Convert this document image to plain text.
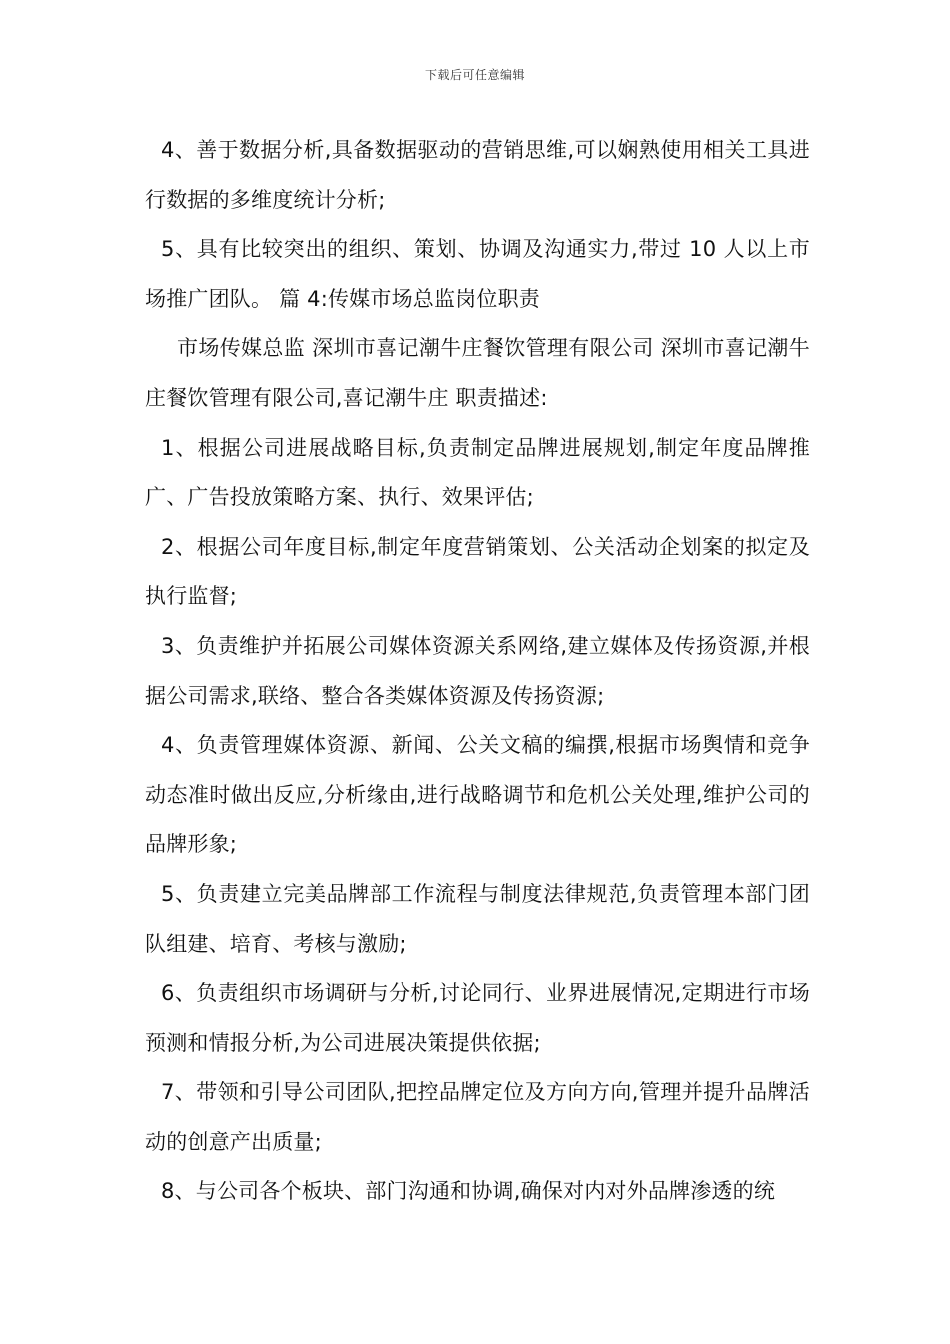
下载后可任意编辑

4、善于数据分析,具备数据驱动的营销思维,可以娴熟使用相关工具进行数据的多维度统计分析;

5、具有比较突出的组织、策划、协调及沟通实力,带过 10 人以上市场推广团队。 篇 4:传媒市场总监岗位职责

市场传媒总监 深圳市喜记潮牛庄餐饮管理有限公司 深圳市喜记潮牛庄餐饮管理有限公司,喜记潮牛庄 职责描述:

1、根据公司进展战略目标,负责制定品牌进展规划,制定年度品牌推广、广告投放策略方案、执行、效果评估;

2、根据公司年度目标,制定年度营销策划、公关活动企划案的拟定及执行监督;

3、负责维护并拓展公司媒体资源关系网络,建立媒体及传扬资源,并根据公司需求,联络、整合各类媒体资源及传扬资源;

4、负责管理媒体资源、新闻、公关文稿的编撰,根据市场舆情和竞争动态准时做出反应,分析缘由,进行战略调节和危机公关处理,维护公司的品牌形象;

5、负责建立完美品牌部工作流程与制度法律规范,负责管理本部门团队组建、培育、考核与激励;

6、负责组织市场调研与分析,讨论同行、业界进展情况,定期进行市场预测和情报分析,为公司进展决策提供依据;

7、带领和引导公司团队,把控品牌定位及方向方向,管理并提升品牌活动的创意产出质量;

8、与公司各个板块、部门沟通和协调,确保对内对外品牌渗透的统
